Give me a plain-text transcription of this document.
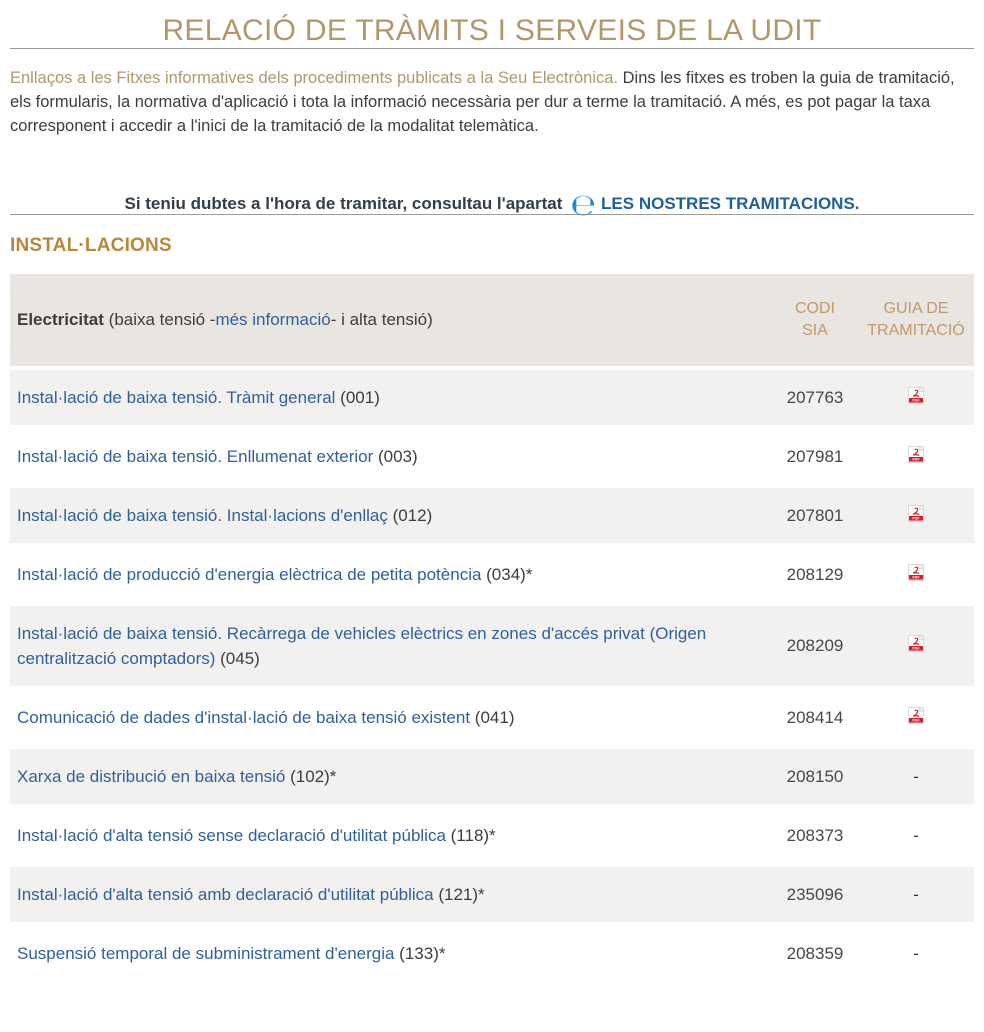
RELACIÓ DE TRÀMITS I SERVEIS DE LA UDIT

Enllaços a les Fitxes informatives dels procediments publicats a la Seu Electrònica. Dins les fitxes es troben la guia de tramitació, els formularis, la normativa d'aplicació i tota la informació necessària per dur a terme la tramitació. A més, es pot pagar la taxa corresponent i accedir a l'inici de la tramitació de la modalitat telemàtica.

Si teniu dubtes a l'hora de tramitar, consultau l'apartat ℮ LES NOSTRES TRAMITACIONS.

INSTAL·LACIONS
Electricitat (baixa tensió -més informació- i alta tensió)	CODI SIA	GUIA DE TRAMITACIÓ
Instal·lació de baixa tensió. Tràmit general (001)	207763	PDF

Instal·lació de baixa tensió. Enllumenat exterior (003)	207981	PDF

Instal·lació de baixa tensió. Instal·lacions d'enllaç (012)	207801	PDF

Instal·lació de producció d'energia elèctrica de petita potència (034)*	208129	PDF

Instal·lació de baixa tensió. Recàrrega de vehicles elèctrics en zones d'accés privat (Origen centralització comptadors) (045)	208209	PDF

Comunicació de dades d'instal·lació de baixa tensió existent (041)	208414	PDF

Xarxa de distribució en baixa tensió (102)*	208150	-
Instal·lació d'alta tensió sense declaració d'utilitat pública (118)*	208373	-
Instal·lació d'alta tensió amb declaració d'utilitat pública (121)*	235096	-
Suspensió temporal de subministrament d'energia (133)*	208359	-
